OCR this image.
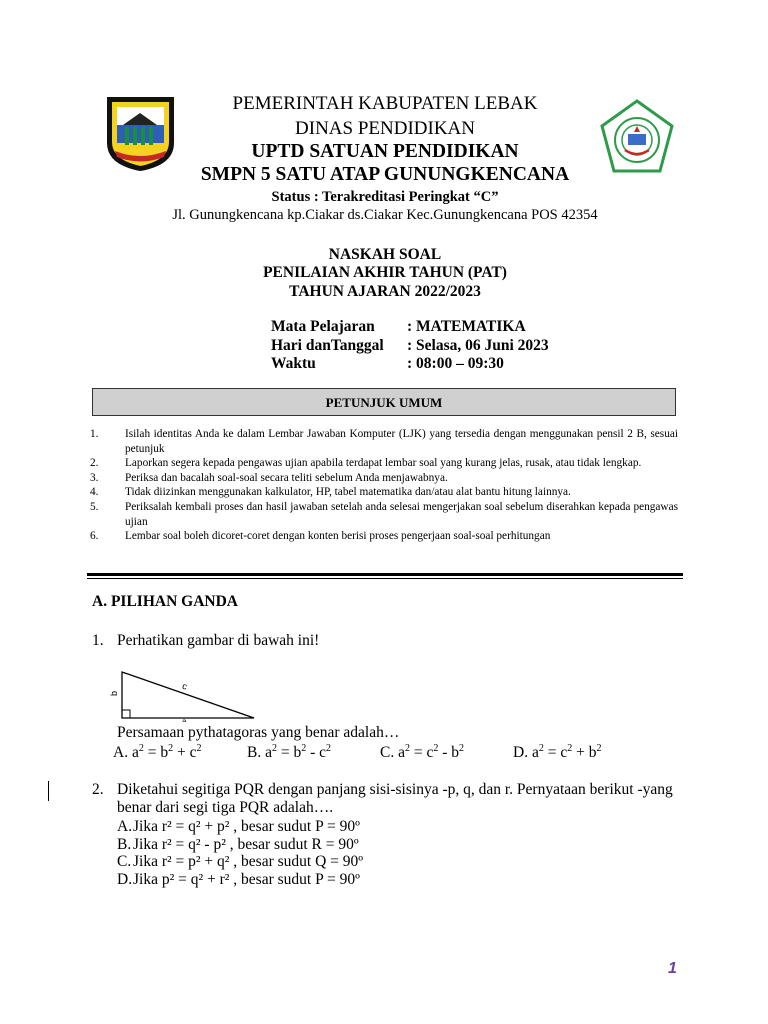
PEMERINTAH KABUPATEN LEBAK
DINAS PENDIDIKAN
UPTD SATUAN PENDIDIKAN
SMPN 5 SATU ATAP GUNUNGKENCANA
Status : Terakreditasi Peringkat “C”
Jl. Gunungkencana kp.Ciakar ds.Ciakar Kec.Gunungkencana POS 42354
NASKAH SOAL
PENILAIAN AKHIR TAHUN (PAT)
TAHUN AJARAN 2022/2023
Mata Pelajaran : MATEMATIKA
Hari danTanggal : Selasa, 06 Juni 2023
Waktu	: 08:00 – 09:30
PETUNJUK UMUM
1. Isilah identitas Anda ke dalam Lembar Jawaban Komputer (LJK) yang tersedia dengan menggunakan pensil 2 B, sesuai petunjuk
2. Laporkan segera kepada pengawas ujian apabila terdapat lembar soal yang kurang jelas, rusak, atau tidak lengkap.
3. Periksa dan bacalah soal-soal secara teliti sebelum Anda menjawabnya.
4. Tidak diizinkan menggunakan kalkulator, HP, tabel matematika dan/atau alat bantu hitung lainnya.
5. Periksalah kembali proses dan hasil jawaban setelah anda selesai mengerjakan soal sebelum diserahkan kepada pengawas ujian
6. Lembar soal boleh dicoret-coret dengan konten berisi proses pengerjaan soal-soal perhitungan
A. PILIHAN GANDA
1. Perhatikan gambar di bawah ini!
b
c
a
Persamaan pythatagoras yang benar adalah…
A. $a^2 = b^2 + c^2$	B. $a^2 = b^2 - c^2$	C. $a^2 = c^2 - b^2$	D. $a^2 = c^2 + b^2$
2. Diketahui segitiga PQR dengan panjang sisi-sisinya -p, q, dan r. Pernyataan berikut -yang
benar dari segi tiga PQR adalah….
A.Jika r² = q² + p² , besar sudut P = 90º
B. Jika r² = q² - p² , besar sudut R = 90º
C. Jika r² = p² + q² , besar sudut Q = 90º
D.Jika p² = q² + r² , besar sudut P = 90º
1
